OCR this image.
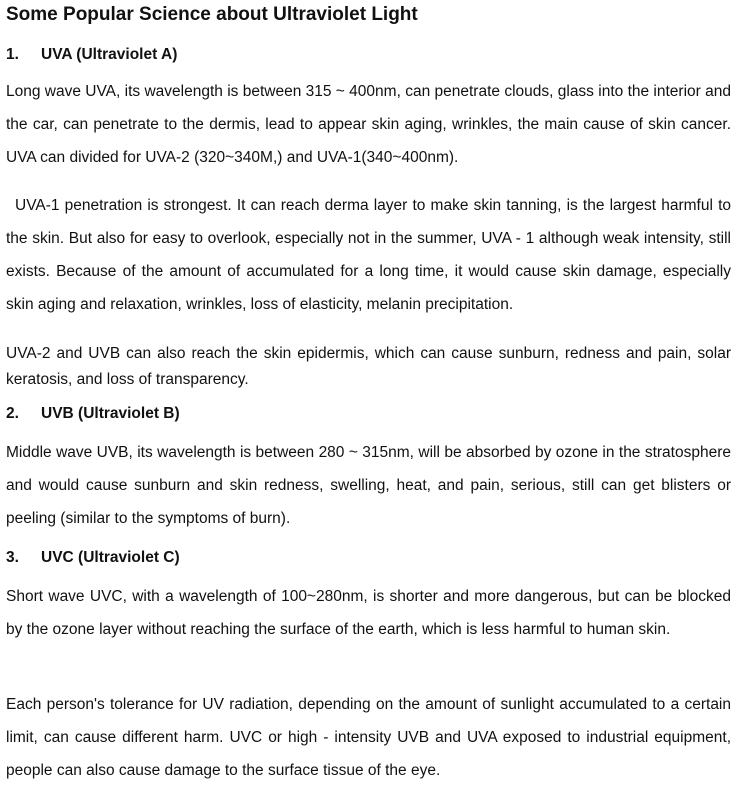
Some Popular Science about Ultraviolet Light
1. UVA (Ultraviolet A)
Long wave UVA, its wavelength is between 315 ~ 400nm, can penetrate clouds, glass into the interior and the car, can penetrate to the dermis, lead to appear skin aging, wrinkles, the main cause of skin cancer. UVA can divided for UVA-2 (320~340M,) and UVA-1(340~400nm).
UVA-1 penetration is strongest. It can reach derma layer to make skin tanning, is the largest harmful to the skin. But also for easy to overlook, especially not in the summer, UVA - 1 although weak intensity, still exists. Because of the amount of accumulated for a long time, it would cause skin damage, especially skin aging and relaxation, wrinkles, loss of elasticity, melanin precipitation.
UVA-2 and UVB can also reach the skin epidermis, which can cause sunburn, redness and pain, solar keratosis, and loss of transparency.
2. UVB (Ultraviolet B)
Middle wave UVB, its wavelength is between 280 ~ 315nm, will be absorbed by ozone in the stratosphere and would cause sunburn and skin redness, swelling, heat, and pain, serious, still can get blisters or peeling (similar to the symptoms of burn).
3. UVC (Ultraviolet C)
Short wave UVC, with a wavelength of 100~280nm, is shorter and more dangerous, but can be blocked by the ozone layer without reaching the surface of the earth, which is less harmful to human skin.
Each person's tolerance for UV radiation, depending on the amount of sunlight accumulated to a certain limit, can cause different harm. UVC or high - intensity UVB and UVA exposed to industrial equipment, people can also cause damage to the surface tissue of the eye.
